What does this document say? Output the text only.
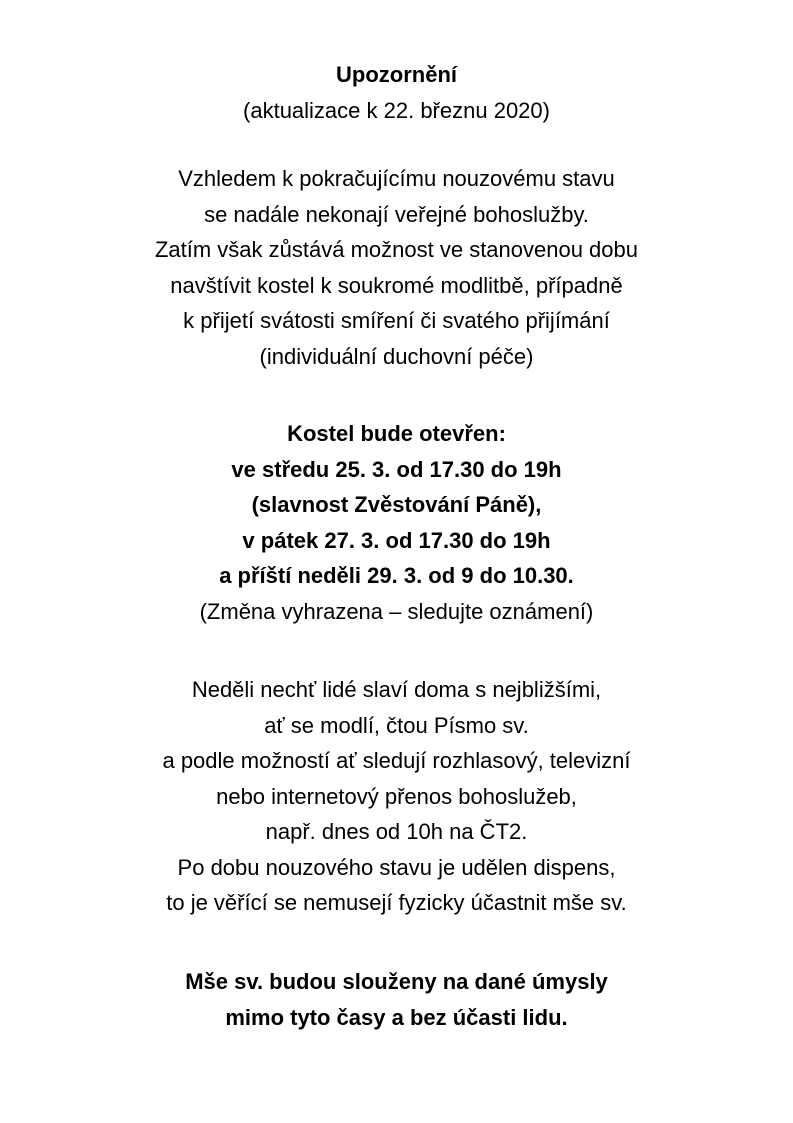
Upozornění
(aktualizace k 22. březnu 2020)
Vzhledem k pokračujícímu nouzovému stavu
se nadále nekonají veřejné bohoslužby.
Zatím však zůstává možnost ve stanovenou dobu
navštívit kostel k soukromé modlitbě, případně
k přijetí svátosti smíření či svatého přijímání
(individuální duchovní péče)
Kostel bude otevřen:
ve středu 25. 3. od 17.30 do 19h
(slavnost Zvěstování Páně),
v pátek 27. 3. od 17.30 do 19h
a příští neděli 29. 3. od 9 do 10.30.
(Změna vyhrazena – sledujte oznámení)
Neděli nechť lidé slaví doma s nejbližšími,
ať se modlí, čtou Písmo sv.
a podle možností ať sledují rozhlasový, televizní
nebo internetový přenos bohoslužeb,
např. dnes od 10h na ČT2.
Po dobu nouzového stavu je udělen dispens,
to je věřící se nemusejí fyzicky účastnit mše sv.
Mše sv. budou slouženy na dané úmysly
mimo tyto časy a bez účasti lidu.
